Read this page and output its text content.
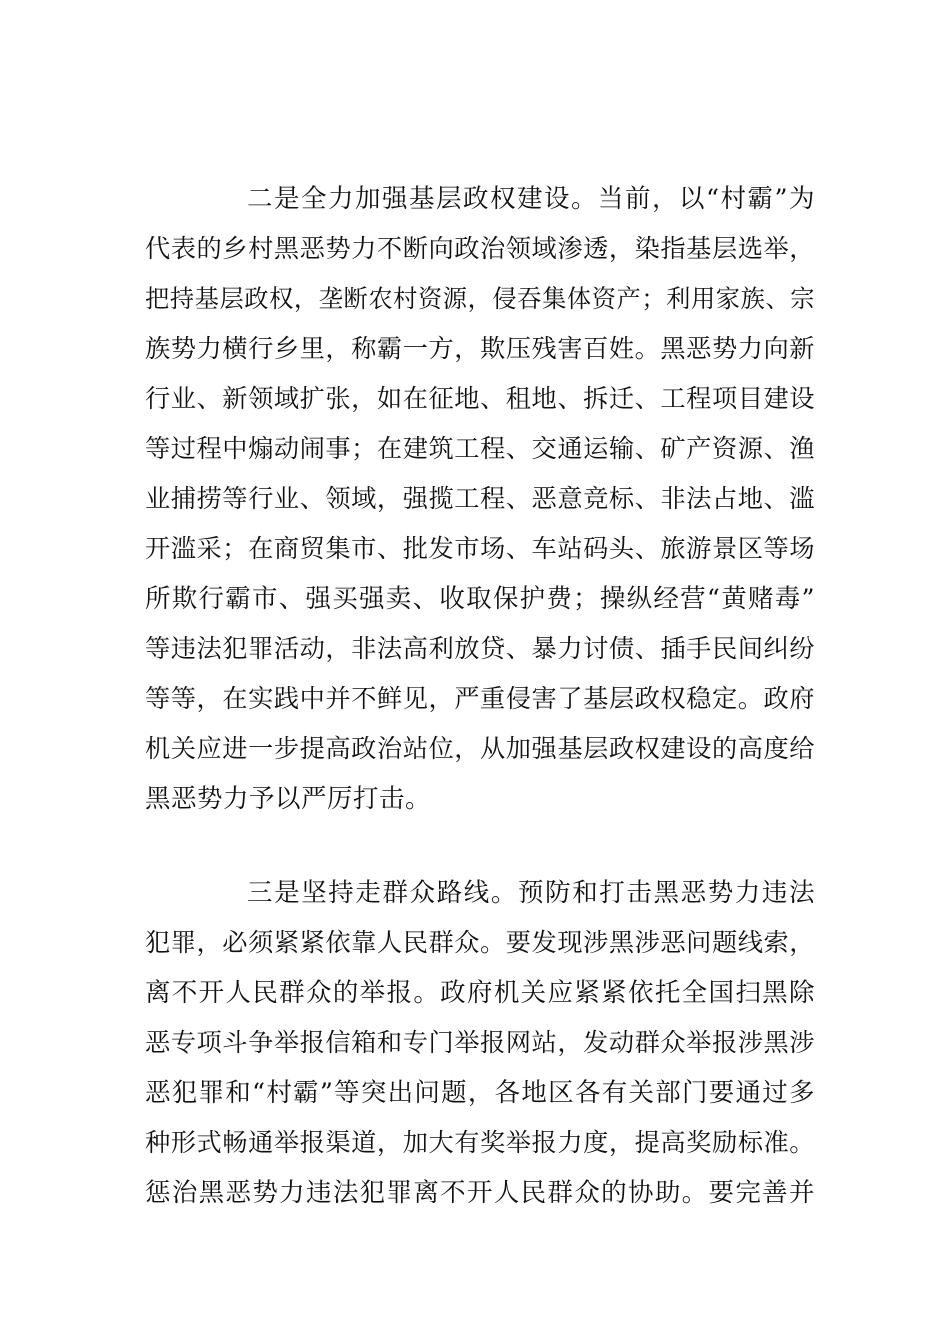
二是全力加强基层政权建设。当前，以“村霸”为
代表的乡村黑恶势力不断向政治领域渗透，染指基层选举，
把持基层政权，垄断农村资源，侵吞集体资产；利用家族、宗
族势力横行乡里，称霸一方，欺压残害百姓。黑恶势力向新
行业、新领域扩张，如在征地、租地、拆迁、工程项目建设
等过程中煽动闹事；在建筑工程、交通运输、矿产资源、渔
业捕捞等行业、领域，强揽工程、恶意竞标、非法占地、滥
开滥采；在商贸集市、批发市场、车站码头、旅游景区等场
所欺行霸市、强买强卖、收取保护费；操纵经营“黄赌毒”
等违法犯罪活动，非法高利放贷、暴力讨债、插手民间纠纷
等等，在实践中并不鲜见，严重侵害了基层政权稳定。政府
机关应进一步提高政治站位，从加强基层政权建设的高度给
黑恶势力予以严厉打击。
三是坚持走群众路线。预防和打击黑恶势力违法
犯罪，必须紧紧依靠人民群众。要发现涉黑涉恶问题线索，
离不开人民群众的举报。政府机关应紧紧依托全国扫黑除
恶专项斗争举报信箱和专门举报网站，发动群众举报涉黑涉
恶犯罪和“村霸”等突出问题，各地区各有关部门要通过多
种形式畅通举报渠道，加大有奖举报力度，提高奖励标准。
惩治黑恶势力违法犯罪离不开人民群众的协助。要完善并
